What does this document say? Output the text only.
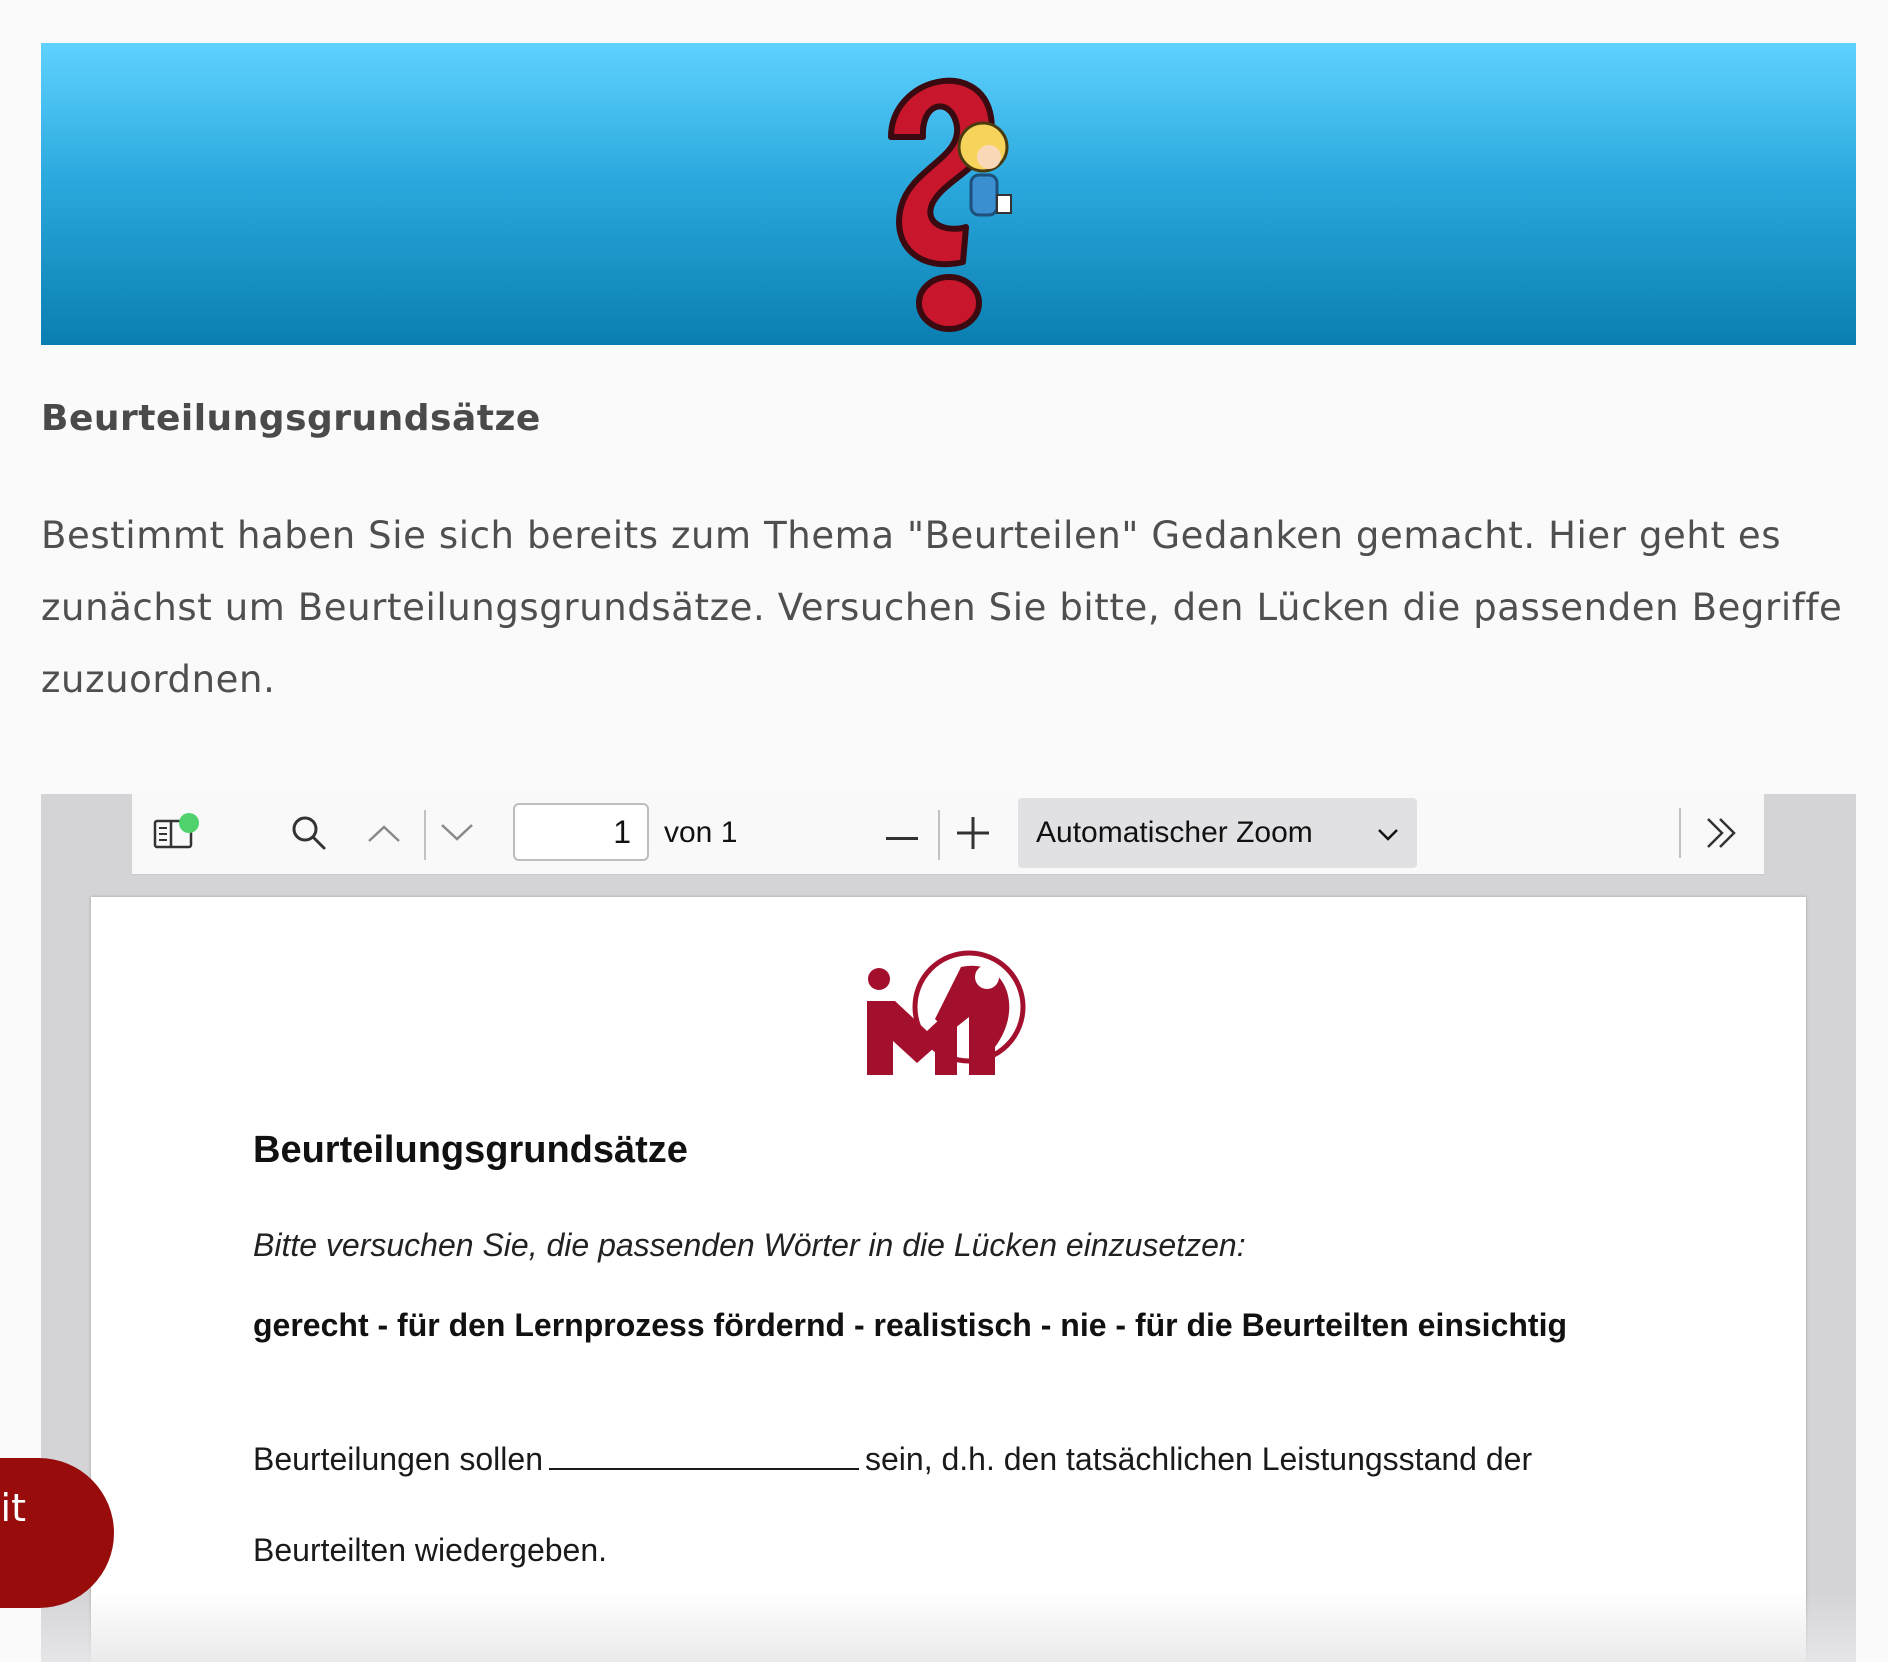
Beurteilungsgrundsätze

Bestimmt haben Sie sich bereits zum Thema "Beurteilen" Gedanken gemacht. Hier geht es zunächst um Beurteilungsgrundsätze. Versuchen Sie bitte, den Lücken die passenden Begriffe zuzuordnen.

1
von 1	Automatischer Zoom
Beurteilungsgrundsätze

Bitte versuchen Sie, die passenden Wörter in die Lücken einzusetzen:

gerecht - für den Lernprozess fördernd - realistisch - nie - für die Beurteilten einsichtig

Beurteilungen sollen	sein, d.h. den tatsächlichen Leistungsstand der

Beurteilten wiedergeben.

it
